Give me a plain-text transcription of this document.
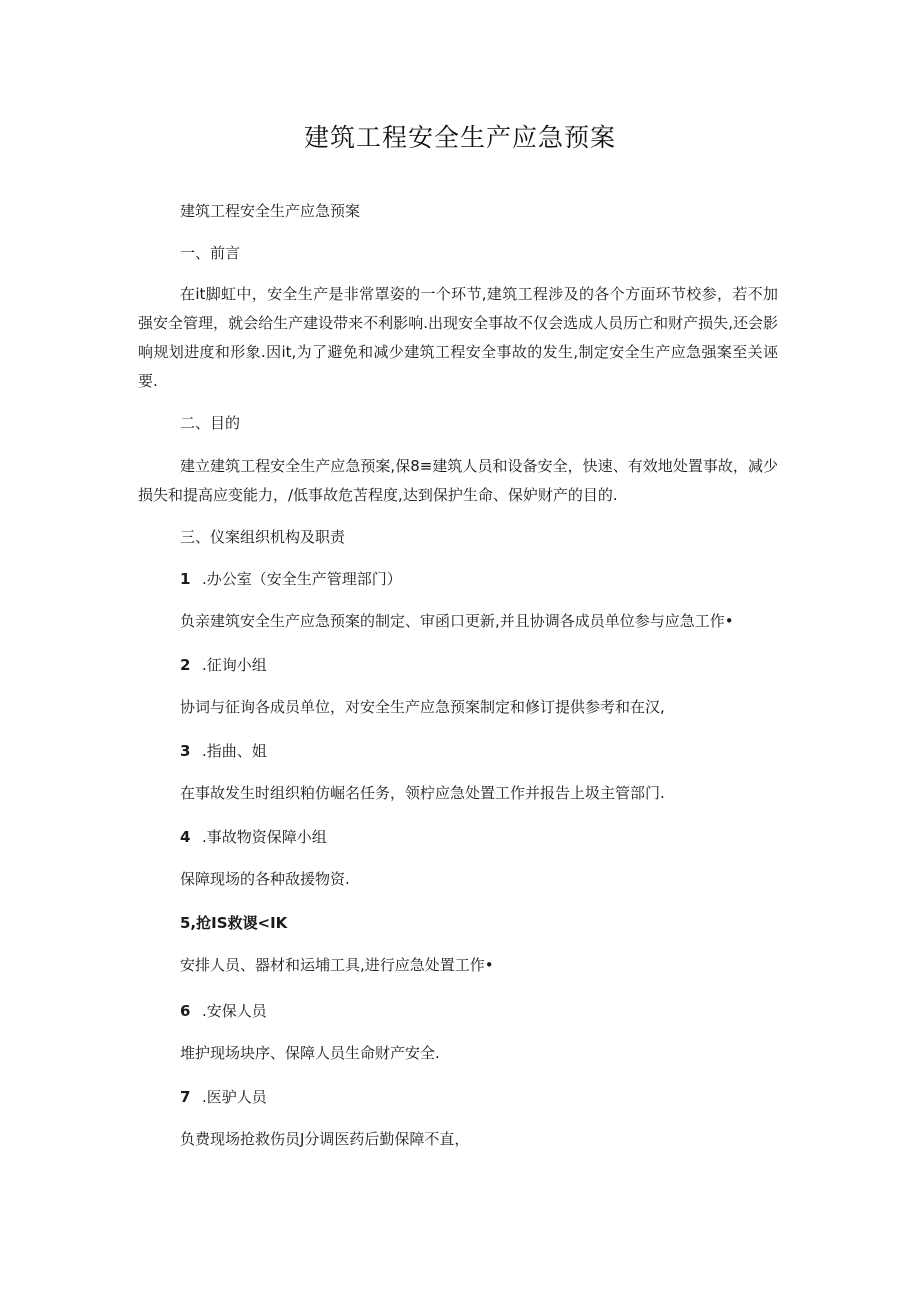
建筑工程安全生产应急预案
建筑工程安全生产应急预案
一、前言
在it脚虹中，安全生产是非常罩姿的一个环节,建筑工程涉及的各个方面环节校参，若不加强安全管理，就会给生产建设带来不利影响.出现安全事故不仅会选成人员历亡和财产损失,还会影响规划进度和形象.因it,为了避免和减少建筑工程安全事故的发生,制定安全生产应急强案至关诬要.
二、目的
建立建筑工程安全生产应急预案,保8≡建筑人员和设备安全，快速、有效地处置事故，减少损失和提高应变能力，/低事故危苫程度,达到保护生命、保妒财产的目的.
三、仪案组织机构及职责
1 .办公室（安全生产管理部门）
负亲建筑安全生产应急预案的制定、审函口更新,并且协调各成员单位参与应急工作•
2 .征询小组
协词与征询各成员单位，对安全生产应急预案制定和修订提供参考和在汉,
3 .指曲、姐
在事故发生时组织粕仿崛名任务，领柠应急处置工作并报告上圾主管部门.
4 .事故物资保障小组
保障现场的各种敌援物资.
5,抢IS救谡<IK
安排人员、器材和运埔工具,进行应急处置工作•
6 .安保人员
堆护现场块序、保障人员生命财产安全.
7 .医驴人员
负费现场抢救伤员J分调医药后勤保障不直，
